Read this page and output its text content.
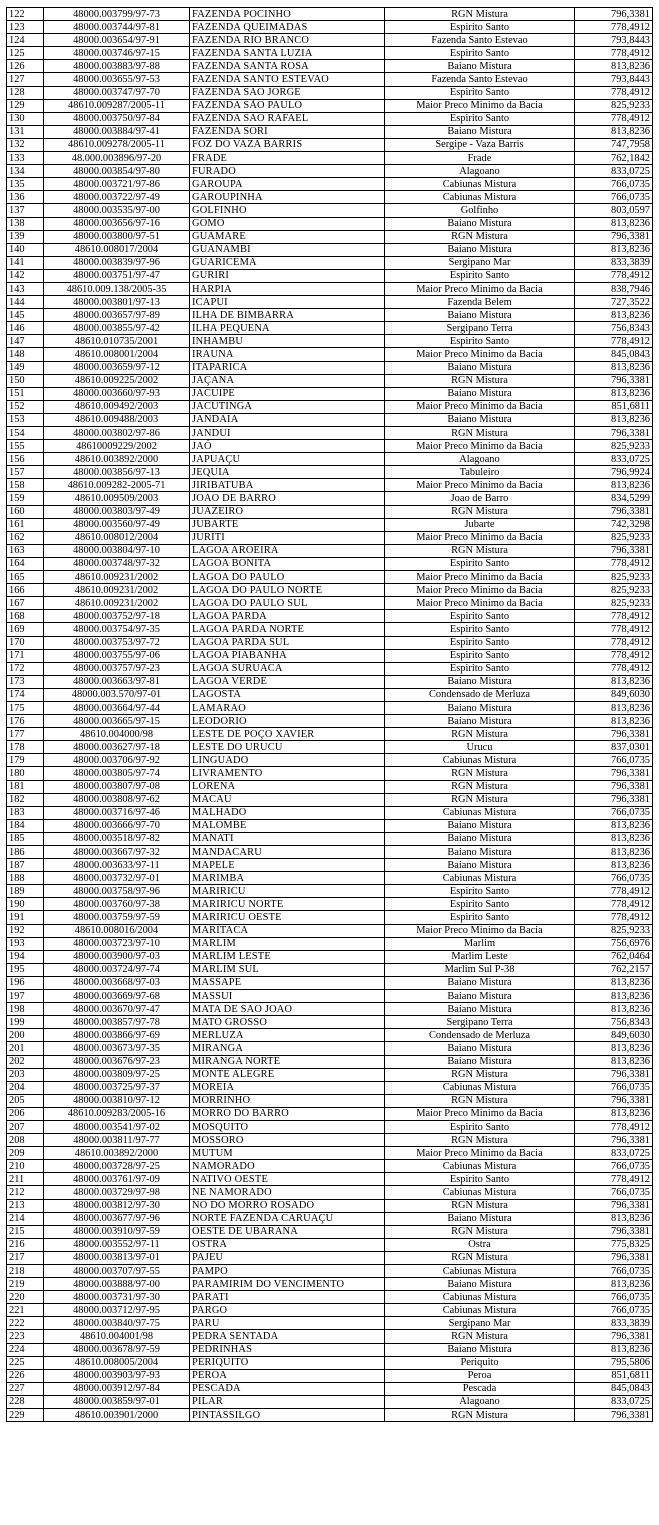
122	48000.003799/97-73	FAZENDA POCINHO	RGN Mistura	796,3381
123	48000.003744/97-81	FAZENDA QUEIMADAS	Espirito Santo	778,4912
124	48000.003654/97-91	FAZENDA RIO BRANCO	Fazenda Santo Estevao	793,8443
125	48000.003746/97-15	FAZENDA SANTA LUZIA	Espirito Santo	778,4912
126	48000.003883/97-88	FAZENDA SANTA ROSA	Baiano Mistura	813,8236
127	48000.003655/97-53	FAZENDA SANTO ESTEVAO	Fazenda Santo Estevao	793,8443
128	48000.003747/97-70	FAZENDA SAO JORGE	Espirito Santo	778,4912
129	48610.009287/2005-11	FAZENDA SÃO PAULO	Maior Preco Minimo da Bacia	825,9233
130	48000.003750/97-84	FAZENDA SAO RAFAEL	Espirito Santo	778,4912
131	48000.003884/97-41	FAZENDA SORI	Baiano Mistura	813,8236
132	48610.009278/2005-11	FOZ DO VAZA BARRIS	Sergipe - Vaza Barris	747,7958
133	48.000.003896/97-20	FRADE	Frade	762,1842
134	48000.003854/97-80	FURADO	Alagoano	833,0725
135	48000.003721/97-86	GAROUPA	Cabiunas Mistura	766,0735
136	48000.003722/97-49	GAROUPINHA	Cabiunas Mistura	766,0735
137	48000.003535/97-00	GOLFINHO	Golfinho	803,0597
138	48000.003656/97-16	GOMO	Baiano Mistura	813,8236
139	48000.003800/97-51	GUAMARE	RGN Mistura	796,3381
140	48610.008017/2004	GUANAMBI	Baiano Mistura	813,8236
141	48000.003839/97-96	GUARICEMA	Sergipano Mar	833,3839
142	48000.003751/97-47	GURIRI	Espirito Santo	778,4912
143	48610.009.138/2005-35	HARPIA	Maior Preco Minimo da Bacia	838,7946
144	48000.003801/97-13	ICAPUI	Fazenda Belem	727,3522
145	48000.003657/97-89	ILHA DE BIMBARRA	Baiano Mistura	813,8236
146	48000.003855/97-42	ILHA PEQUENA	Sergipano Terra	756,8343
147	48610.010735/2001	INHAMBU	Espirito Santo	778,4912
148	48610.008001/2004	IRAUNA	Maior Preco Minimo da Bacia	845,0843
149	48000.003659/97-12	ITAPARICA	Baiano Mistura	813,8236
150	48610.009225/2002	JAÇANA	RGN Mistura	796,3381
151	48000.003660/97-93	JACUIPE	Baiano Mistura	813,8236
152	48610.009492/2003	JACUTINGA	Maior Preco Minimo da Bacia	851,6811
153	48610.009488/2003	JANDAIA	Baiano Mistura	813,8236
154	48000.003802/97-86	JANDUI	RGN Mistura	796,3381
155	48610009229/2002	JAÓ	Maior Preco Minimo da Bacia	825,9233
156	48610.003892/2000	JAPUAÇU	Alagoano	833,0725
157	48000.003856/97-13	JEQUIA	Tabuleiro	796,9924
158	48610.009282-2005-71	JIRIBATUBA	Maior Preco Minimo da Bacia	813,8236
159	48610.009509/2003	JOAO DE BARRO	Joao de Barro	834,5299
160	48000.003803/97-49	JUAZEIRO	RGN Mistura	796,3381
161	48000.003560/97-49	JUBARTE	Jubarte	742,3298
162	48610.008012/2004	JURITI	Maior Preco Minimo da Bacia	825,9233
163	48000.003804/97-10	LAGOA AROEIRA	RGN Mistura	796,3381
164	48000.003748/97-32	LAGOA BONITA	Espirito Santo	778,4912
165	48610.009231/2002	LAGOA DO PAULO	Maior Preco Minimo da Bacia	825,9233
166	48610.009231/2002	LAGOA DO PAULO NORTE	Maior Preco Minimo da Bacia	825,9233
167	48610.009231/2002	LAGOA DO PAULO SUL	Maior Preco Minimo da Bacia	825,9233
168	48000.003752/97-18	LAGOA PARDA	Espirito Santo	778,4912
169	48000.003754/97-35	LAGOA PARDA NORTE	Espirito Santo	778,4912
170	48000.003753/97-72	LAGOA PARDA SUL	Espirito Santo	778,4912
171	48000.003755/97-06	LAGOA PIABANHA	Espirito Santo	778,4912
172	48000.003757/97-23	LAGOA SURUACA	Espirito Santo	778,4912
173	48000.003663/97-81	LAGOA VERDE	Baiano Mistura	813,8236
174	48000.003.570/97-01	LAGOSTA	Condensado de Merluza	849,6030
175	48000.003664/97-44	LAMARAO	Baiano Mistura	813,8236
176	48000.003665/97-15	LEODORIO	Baiano Mistura	813,8236
177	48610.004000/98	LESTE DE POÇO XAVIER	RGN Mistura	796,3381
178	48000.003627/97-18	LESTE DO URUCU	Urucu	837,0301
179	48000.003706/97-92	LINGUADO	Cabiunas Mistura	766,0735
180	48000.003805/97-74	LIVRAMENTO	RGN Mistura	796,3381
181	48000.003807/97-08	LORENA	RGN Mistura	796,3381
182	48000.003808/97-62	MACAU	RGN Mistura	796,3381
183	48000.003716/97-46	MALHADO	Cabiunas Mistura	766,0735
184	48000.003666/97-70	MALOMBE	Baiano Mistura	813,8236
185	48000.003518/97-82	MANATI	Baiano Mistura	813,8236
186	48000.003667/97-32	MANDACARU	Baiano Mistura	813,8236
187	48000.003633/97-11	MAPELE	Baiano Mistura	813,8236
188	48000.003732/97-01	MARIMBA	Cabiunas Mistura	766,0735
189	48000.003758/97-96	MARIRICU	Espirito Santo	778,4912
190	48000.003760/97-38	MARIRICU NORTE	Espirito Santo	778,4912
191	48000.003759/97-59	MARIRICU OESTE	Espirito Santo	778,4912
192	48610.008016/2004	MARITACA	Maior Preco Minimo da Bacia	825,9233
193	48000.003723/97-10	MARLIM	Marlim	756,6976
194	48000.003900/97-03	MARLIM LESTE	Marlim Leste	762,0464
195	48000.003724/97-74	MARLIM SUL	Marlim Sul P-38	762,2157
196	48000.003668/97-03	MASSAPE	Baiano Mistura	813,8236
197	48000.003669/97-68	MASSUI	Baiano Mistura	813,8236
198	48000.003670/97-47	MATA DE SAO JOAO	Baiano Mistura	813,8236
199	48000.003857/97-78	MATO GROSSO	Sergipano Terra	756,8343
200	48000.003866/97-69	MERLUZA	Condensado de Merluza	849,6030
201	48000.003673/97-35	MIRANGA	Baiano Mistura	813,8236
202	48000.003676/97-23	MIRANGA NORTE	Baiano Mistura	813,8236
203	48000.003809/97-25	MONTE ALEGRE	RGN Mistura	796,3381
204	48000.003725/97-37	MOREIA	Cabiunas Mistura	766,0735
205	48000.003810/97-12	MORRINHO	RGN Mistura	796,3381
206	48610.009283/2005-16	MORRO DO BARRO	Maior Preco Minimo da Bacia	813,8236
207	48000.003541/97-02	MOSQUITO	Espirito Santo	778,4912
208	48000.003811/97-77	MOSSORO	RGN Mistura	796,3381
209	48610.003892/2000	MUTUM	Maior Preco Minimo da Bacia	833,0725
210	48000.003728/97-25	NAMORADO	Cabiunas Mistura	766,0735
211	48000.003761/97-09	NATIVO OESTE	Espirito Santo	778,4912
212	48000.003729/97-98	NE NAMORADO	Cabiunas Mistura	766,0735
213	48000.003812/97-30	NO DO MORRO ROSADO	RGN Mistura	796,3381
214	48000.003677/97-96	NORTE FAZENDA CARUAÇU	Baiano Mistura	813,8236
215	48000.003910/97-59	OESTE DE UBARANA	RGN Mistura	796,3381
216	48000.003552/97-11	OSTRA	Ostra	775,8325
217	48000.003813/97-01	PAJEU	RGN Mistura	796,3381
218	48000.003707/97-55	PAMPO	Cabiunas Mistura	766,0735
219	48000.003888/97-00	PARAMIRIM DO VENCIMENTO	Baiano Mistura	813,8236
220	48000.003731/97-30	PARATI	Cabiunas Mistura	766,0735
221	48000.003712/97-95	PARGO	Cabiunas Mistura	766,0735
222	48000.003840/97-75	PARU	Sergipano Mar	833,3839
223	48610.004001/98	PEDRA SENTADA	RGN Mistura	796,3381
224	48000.003678/97-59	PEDRINHAS	Baiano Mistura	813,8236
225	48610.008005/2004	PERIQUITO	Periquito	795,5806
226	48000.003903/97-93	PEROA	Peroa	851,6811
227	48000.003912/97-84	PESCADA	Pescada	845,0843
228	48000.003859/97-01	PILAR	Alagoano	833,0725
229	48610.003901/2000	PINTASSILGO	RGN Mistura	796,3381
